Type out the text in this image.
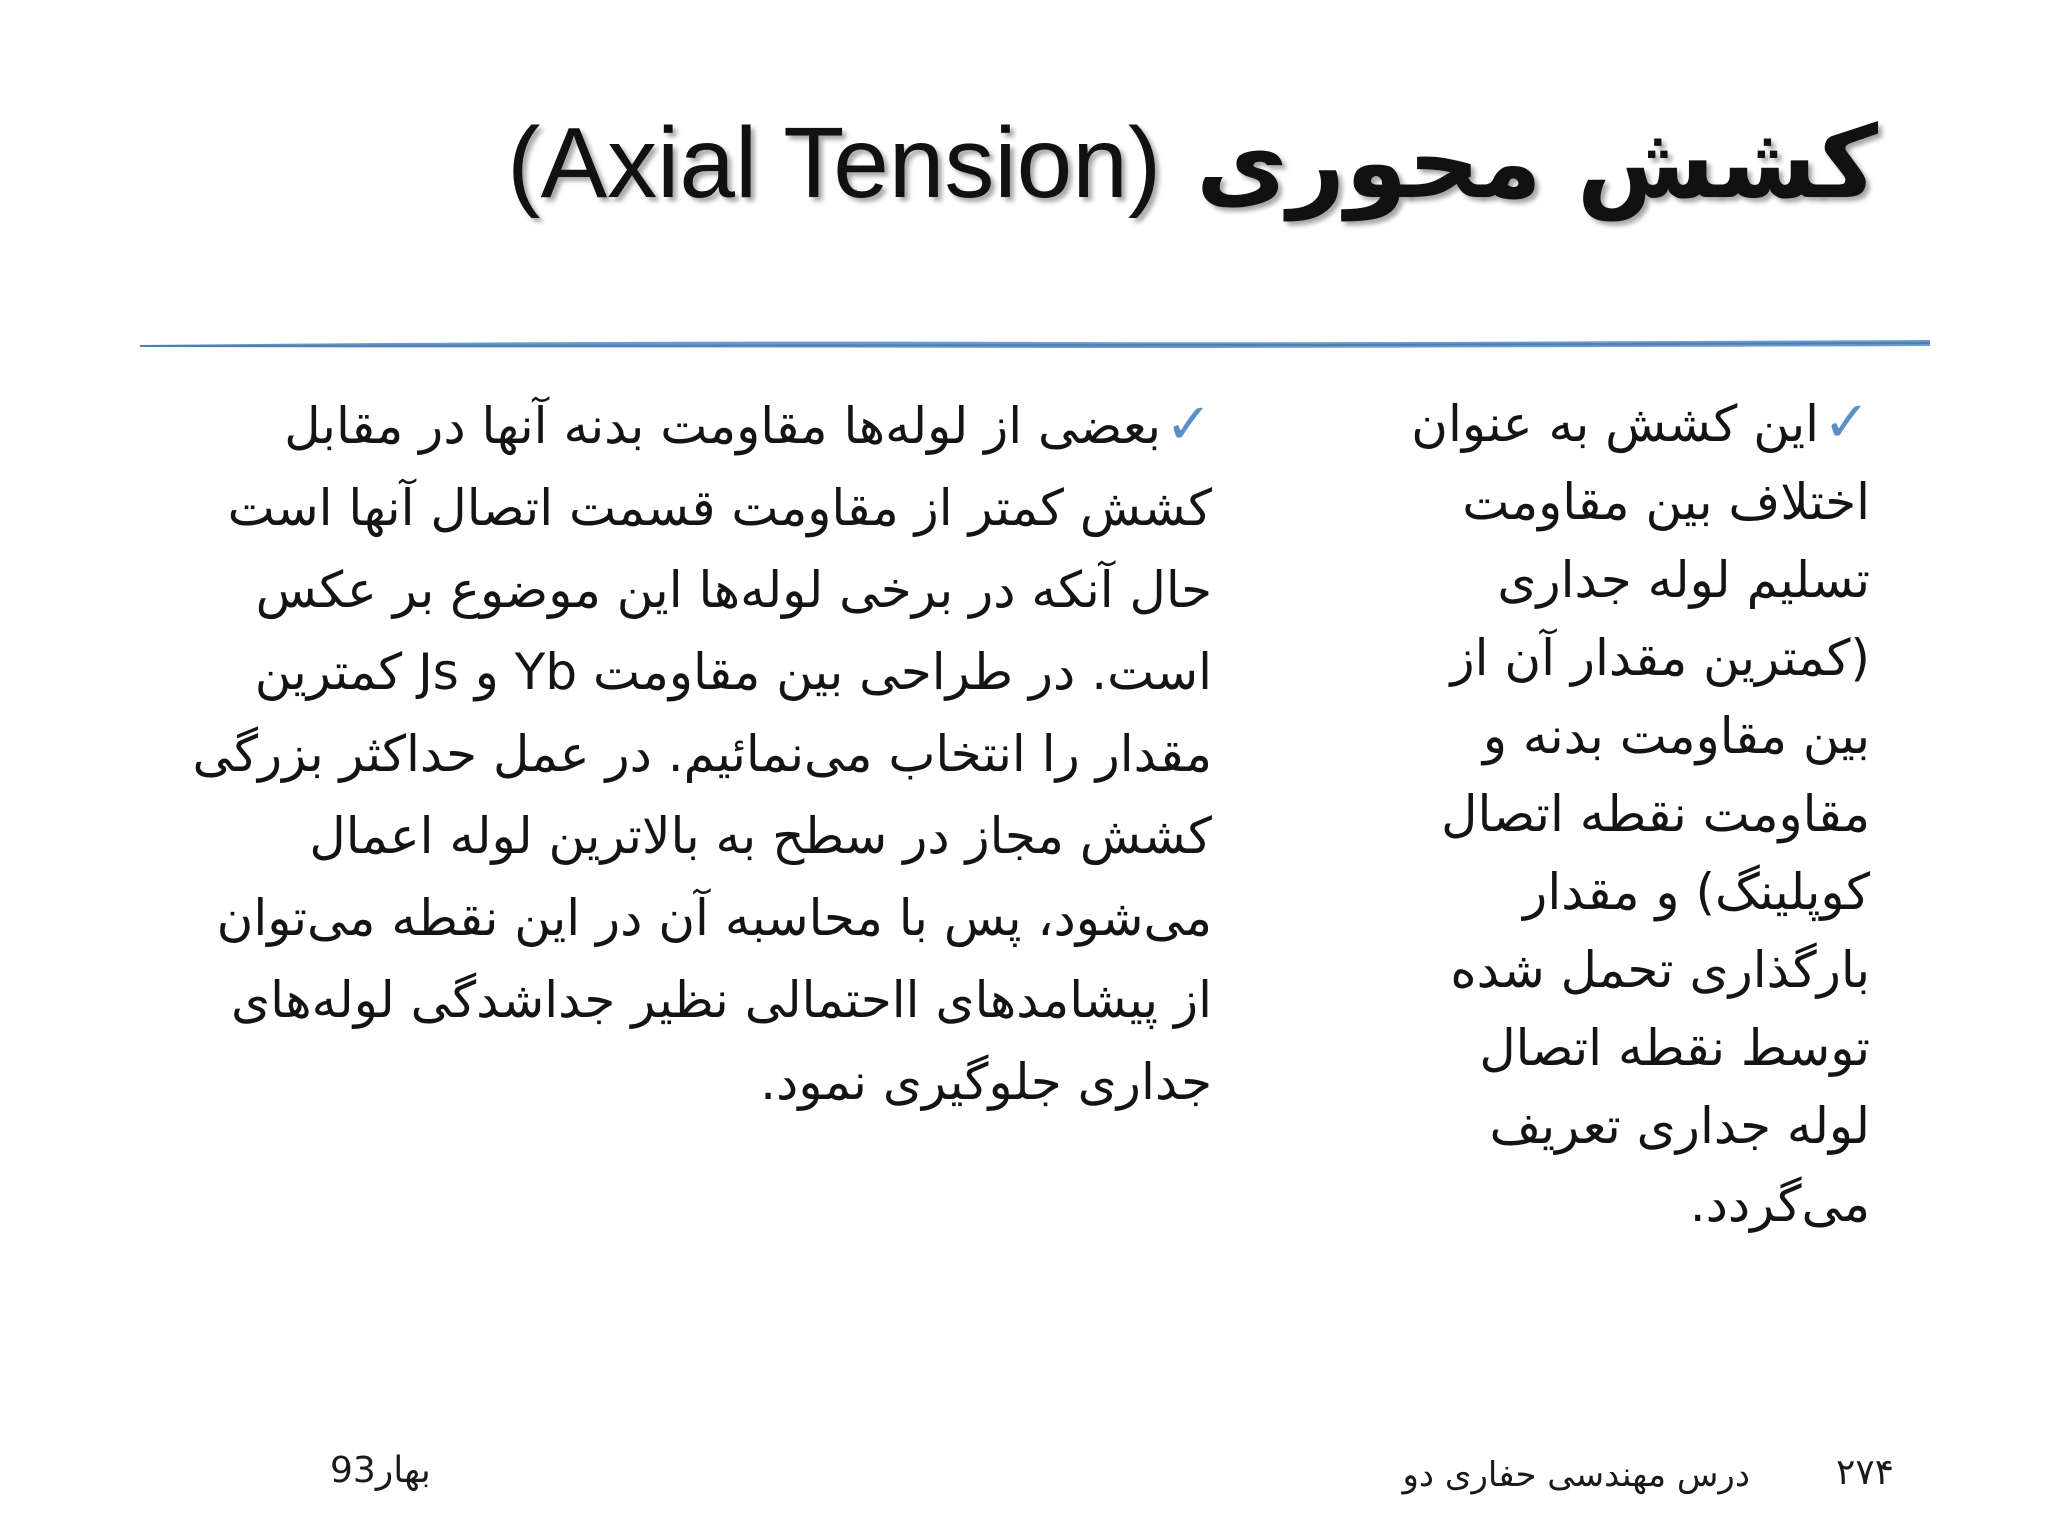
کشش محوری (Axial Tension)
✓این کشش به عنوان اختلاف بین مقاومت تسلیم لوله جداری (کمترین مقدار آن از بین مقاومت بدنه و مقاومت نقطه اتصال کوپلینگ) و مقدار بارگذاری تحمل شده توسط نقطه اتصال لوله جداری تعریف می‌گردد.
✓بعضی از لوله‌ها مقاومت بدنه آنها در مقابل کشش کمتر از مقاومت قسمت اتصال آنها است حال آنکه در برخی لوله‌ها این موضوع بر عکس است. در طراحی بین مقاومت Yb و Js کمترین مقدار را انتخاب می‌نمائیم. در عمل حداکثر بزرگی کشش مجاز در سطح به بالاترین لوله اعمال می‌شود، پس با محاسبه آن در این نقطه می‌توان از پیشامدهای ااحتمالی نظیر جداشدگی لوله‌های جداری جلوگیری نمود.
۲۷۴
درس مهندسی حفاری دو
بهار93
